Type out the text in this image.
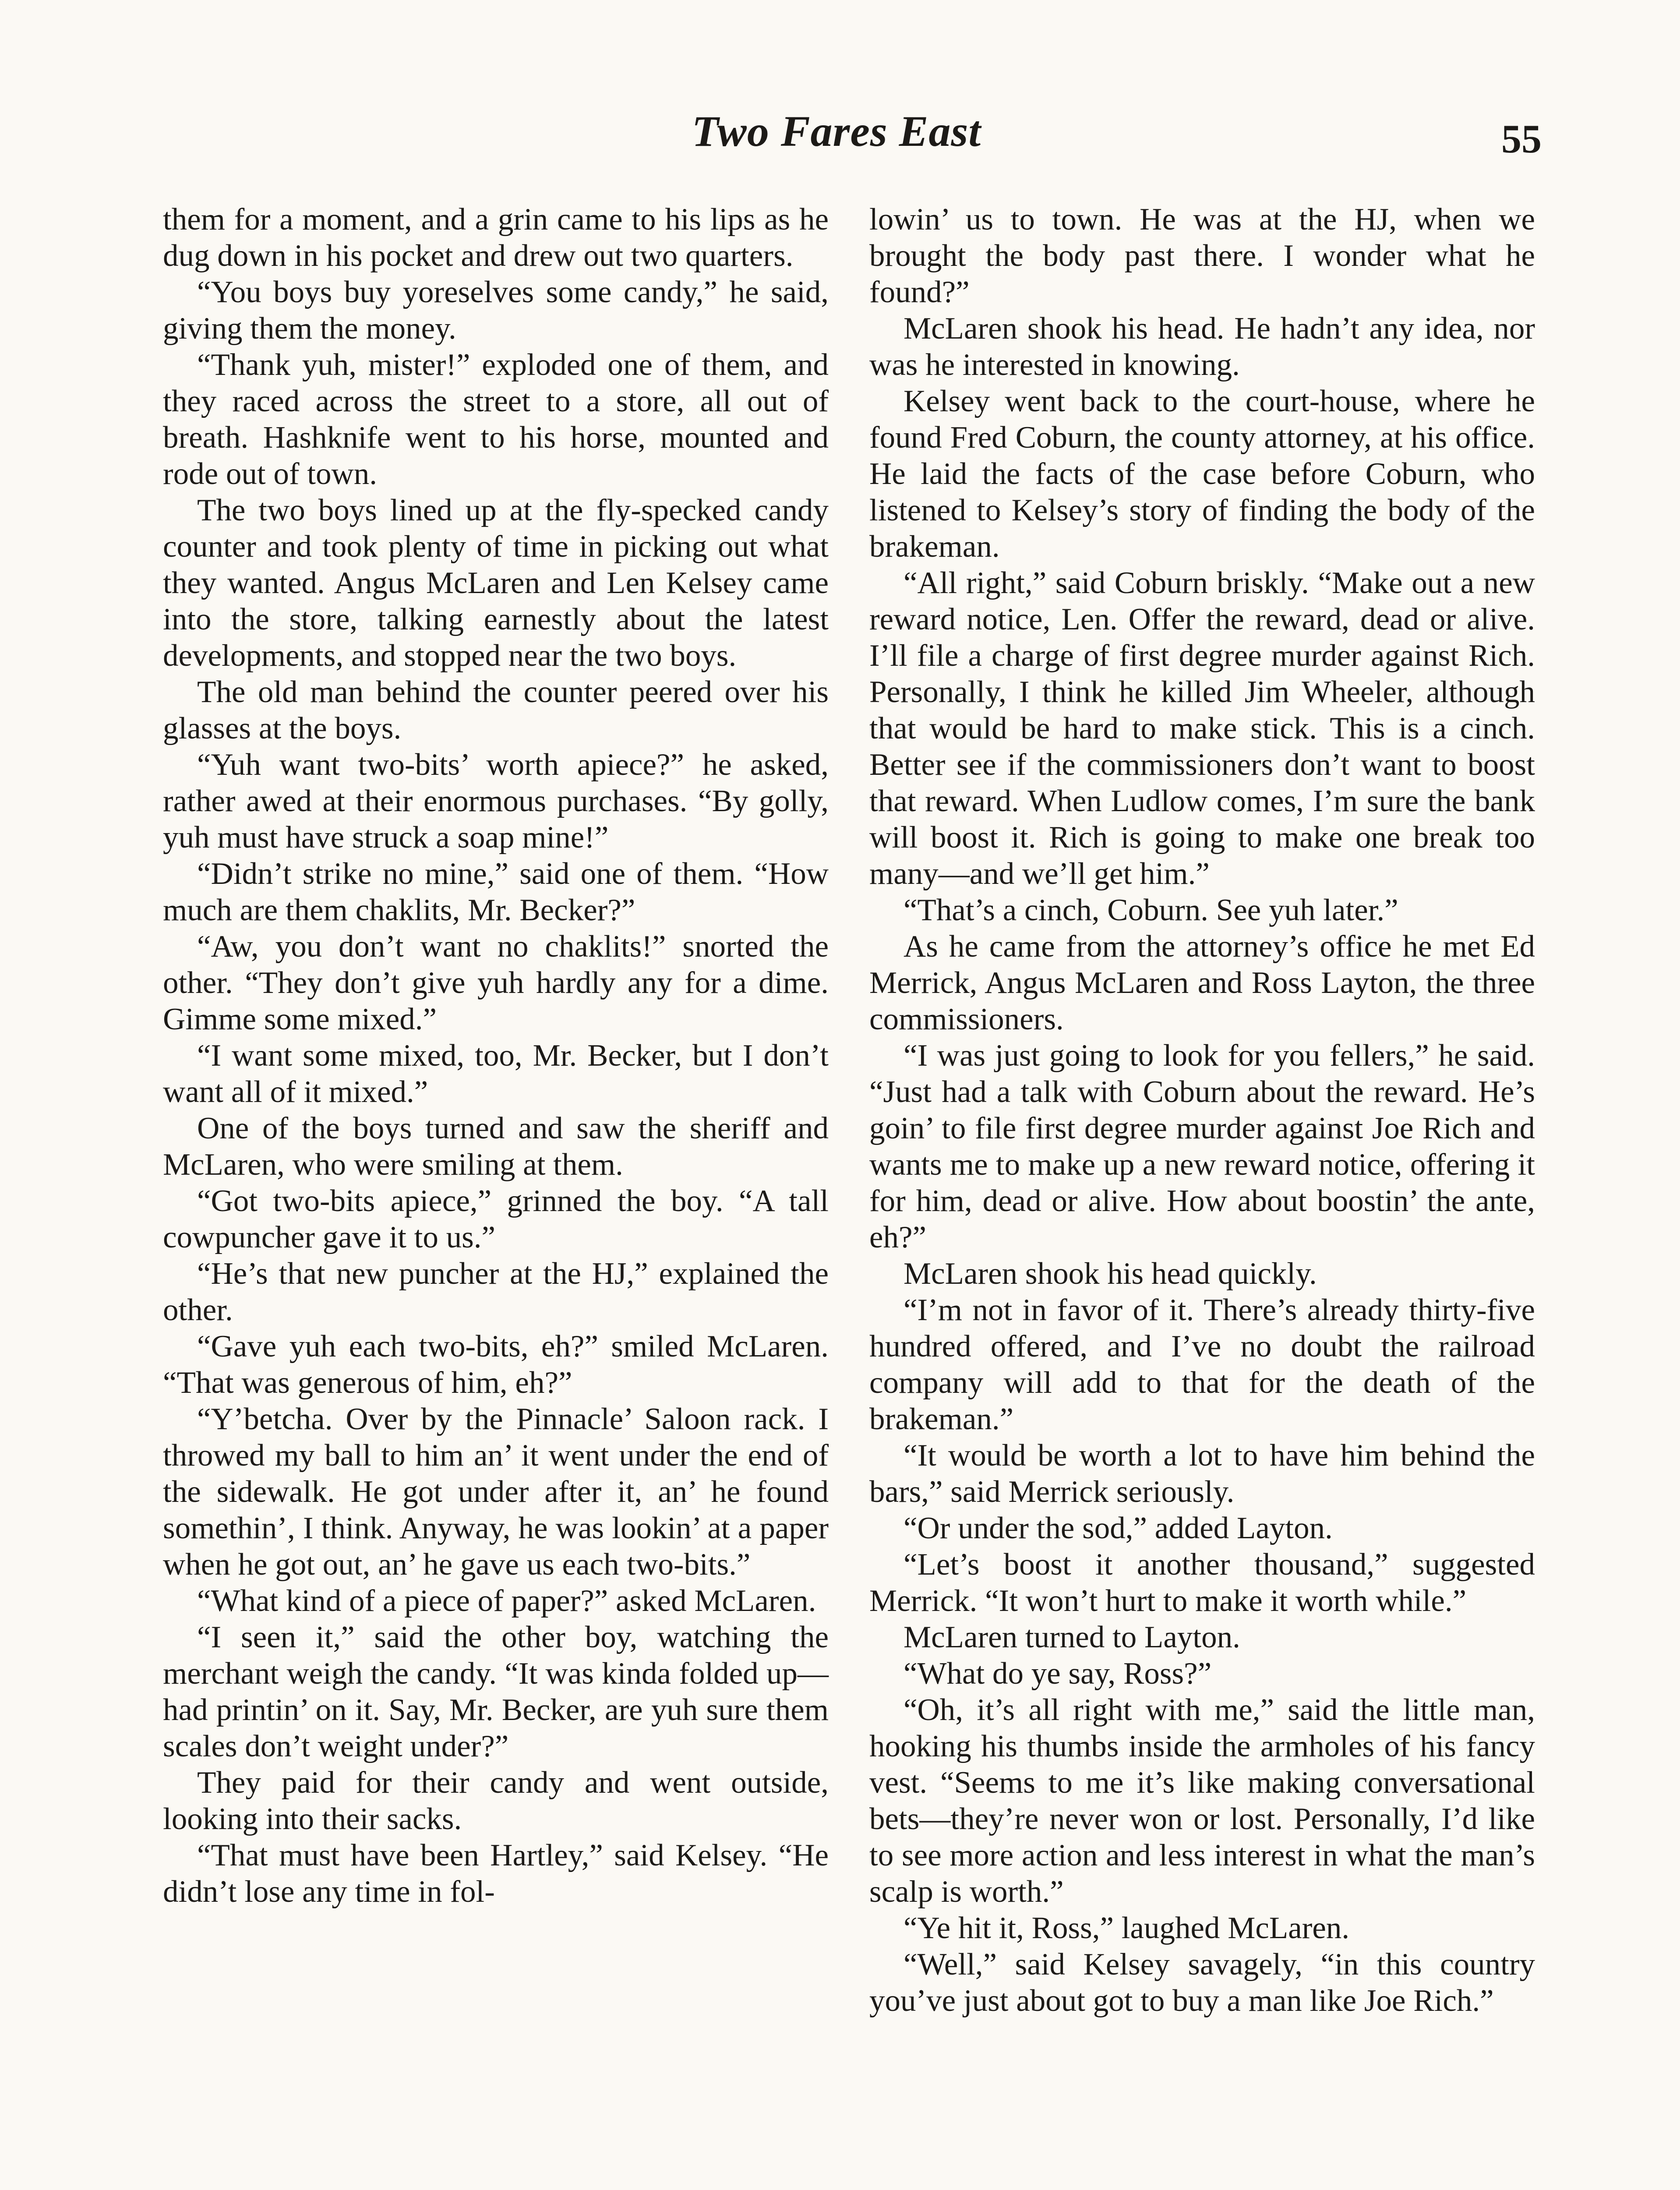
Two Fares East	55

them for a moment, and a grin came to his lips as he dug down in his pocket and drew out two quarters.

“You boys buy yoreselves some candy,” he said, giving them the money.

“Thank yuh, mister!” exploded one of them, and they raced across the street to a store, all out of breath. Hashknife went to his horse, mounted and rode out of town.

The two boys lined up at the fly-specked candy counter and took plenty of time in picking out what they wanted. Angus McLaren and Len Kelsey came into the store, talking earnestly about the latest developments, and stopped near the two boys.

The old man behind the counter peered over his glasses at the boys.

“Yuh want two-bits’ worth apiece?” he asked, rather awed at their enormous purchases. “By golly, yuh must have struck a soap mine!”

“Didn’t strike no mine,” said one of them. “How much are them chaklits, Mr. Becker?”

“Aw, you don’t want no chaklits!” snorted the other. “They don’t give yuh hardly any for a dime. Gimme some mixed.”

“I want some mixed, too, Mr. Becker, but I don’t want all of it mixed.”

One of the boys turned and saw the sheriff and McLaren, who were smiling at them.

“Got two-bits apiece,” grinned the boy. “A tall cowpuncher gave it to us.”

“He’s that new puncher at the HJ,” explained the other.

“Gave yuh each two-bits, eh?” smiled McLaren. “That was generous of him, eh?”

“Y’betcha. Over by the Pinnacle’ Saloon rack. I throwed my ball to him an’ it went under the end of the sidewalk. He got under after it, an’ he found somethin’, I think. Anyway, he was lookin’ at a paper when he got out, an’ he gave us each two-bits.”

“What kind of a piece of paper?” asked McLaren.

“I seen it,” said the other boy, watching the merchant weigh the candy. “It was kinda folded up—had printin’ on it. Say, Mr. Becker, are yuh sure them scales don’t weight under?”

They paid for their candy and went outside, looking into their sacks.

“That must have been Hartley,” said Kelsey. “He didn’t lose any time in fol-

lowin’ us to town. He was at the HJ, when we brought the body past there. I wonder what he found?”

McLaren shook his head. He hadn’t any idea, nor was he interested in knowing.

Kelsey went back to the court-house, where he found Fred Coburn, the county attorney, at his office. He laid the facts of the case before Coburn, who listened to Kelsey’s story of finding the body of the brakeman.

“All right,” said Coburn briskly. “Make out a new reward notice, Len. Offer the reward, dead or alive. I’ll file a charge of first degree murder against Rich. Personally, I think he killed Jim Wheeler, although that would be hard to make stick. This is a cinch. Better see if the commissioners don’t want to boost that reward. When Ludlow comes, I’m sure the bank will boost it. Rich is going to make one break too many—and we’ll get him.”

“That’s a cinch, Coburn. See yuh later.”

As he came from the attorney’s office he met Ed Merrick, Angus McLaren and Ross Layton, the three commissioners.

“I was just going to look for you fellers,” he said. “Just had a talk with Coburn about the reward. He’s goin’ to file first degree murder against Joe Rich and wants me to make up a new reward notice, offering it for him, dead or alive. How about boostin’ the ante, eh?”

McLaren shook his head quickly.

“I’m not in favor of it. There’s already thirty-five hundred offered, and I’ve no doubt the railroad company will add to that for the death of the brakeman.”

“It would be worth a lot to have him behind the bars,” said Merrick seriously.

“Or under the sod,” added Layton.

“Let’s boost it another thousand,” suggested Merrick. “It won’t hurt to make it worth while.”

McLaren turned to Layton.

“What do ye say, Ross?”

“Oh, it’s all right with me,” said the little man, hooking his thumbs inside the armholes of his fancy vest. “Seems to me it’s like making conversational bets—they’re never won or lost. Personally, I’d like to see more action and less interest in what the man’s scalp is worth.”

“Ye hit it, Ross,” laughed McLaren.

“Well,” said Kelsey savagely, “in this country you’ve just about got to buy a man like Joe Rich.”
